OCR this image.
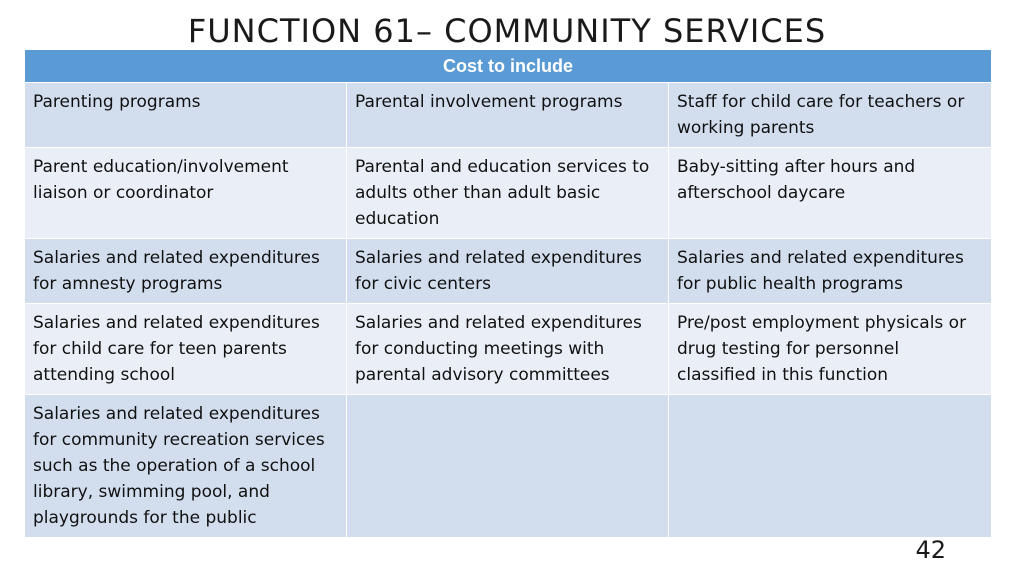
FUNCTION 61– COMMUNITY SERVICES
Cost to include		
Parenting programs	Parental involvement programs	Staff for child care for teachers or working parents
Parent education/involvement liaison or coordinator	Parental and education services to adults other than adult basic education	Baby-sitting after hours and afterschool daycare
Salaries and related expenditures for amnesty programs	Salaries and related expenditures for civic centers	Salaries and related expenditures for public health programs
Salaries and related expenditures for child care for teen parents attending school	Salaries and related expenditures for conducting meetings with parental advisory committees	Pre/post employment physicals or drug testing for personnel classified in this function
Salaries and related expenditures for community recreation services such as the operation of a school library, swimming pool, and playgrounds for the public		
42
